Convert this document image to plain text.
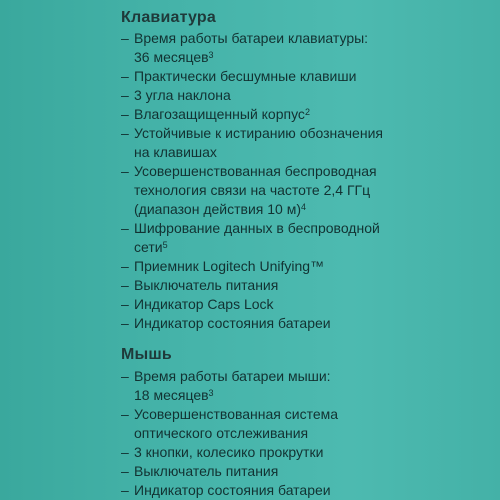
Клавиатура
– Время работы батареи клавиатуры:
36 месяцев$^3$
– Практически бесшумные клавиши
– 3 угла наклона
– Влагозащищенный корпус$^2$
– Устойчивые к истиранию обозначения
на клавишах
– Усовершенствованная беспроводная
технология связи на частоте 2,4 ГГц
(диапазон действия 10 м)$^4$
– Шифрование данных в беспроводной
сети$^5$
– Приемник Logitech Unifying™
– Выключатель питания
– Индикатор Caps Lock
– Индикатор состояния батареи
Мышь
– Время работы батареи мыши:
18 месяцев$^3$
– Усовершенствованная система
оптического отслеживания
– 3 кнопки, колесико прокрутки
– Выключатель питания
– Индикатор состояния батареи
